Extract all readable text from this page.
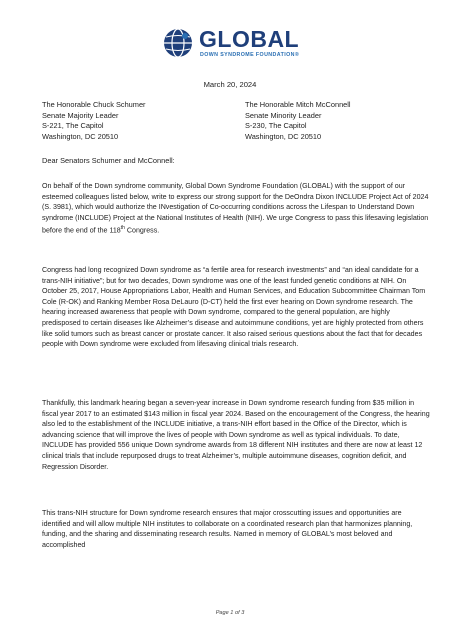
GLOBAL
DOWN SYNDROME FOUNDATION®
March 20, 2024
The Honorable Chuck Schumer
Senate Majority Leader
S-221, The Capitol
Washington, DC 20510
The Honorable Mitch McConnell
Senate Minority Leader
S-230, The Capitol
Washington, DC 20510
Dear Senators Schumer and McConnell:

On behalf of the Down syndrome community, Global Down Syndrome Foundation (GLOBAL) with the support of our esteemed colleagues listed below, write to express our strong support for the DeOndra Dixon INCLUDE Project Act of 2024 (S. 3981), which would authorize the INvestigation of Co-occurring conditions across the Lifespan to Understand Down syndrome (INCLUDE) Project at the National Institutes of Health (NIH). We urge Congress to pass this lifesaving legislation before the end of the 118th Congress.

Congress had long recognized Down syndrome as “a fertile area for research investments” and “an ideal candidate for a trans-NIH initiative”; but for two decades, Down syndrome was one of the least funded genetic conditions at NIH. On October 25, 2017, House Appropriations Labor, Health and Human Services, and Education Subcommittee Chairman Tom Cole (R-OK) and Ranking Member Rosa DeLauro (D-CT) held the first ever hearing on Down syndrome research. The hearing increased awareness that people with Down syndrome, compared to the general population, are highly predisposed to certain diseases like Alzheimer’s disease and autoimmune conditions, yet are highly protected from others like solid tumors such as breast cancer or prostate cancer. It also raised serious questions about the fact that for decades people with Down syndrome were excluded from lifesaving clinical trials research.

Thankfully, this landmark hearing began a seven-year increase in Down syndrome research funding from $35 million in fiscal year 2017 to an estimated $143 million in fiscal year 2024. Based on the encouragement of the Congress, the hearing also led to the establishment of the INCLUDE initiative, a trans-NIH effort based in the Office of the Director, which is advancing science that will improve the lives of people with Down syndrome as well as typical individuals. To date, INCLUDE has provided 556 unique Down syndrome awards from 18 different NIH institutes and there are now at least 12 clinical trials that include repurposed drugs to treat Alzheimer’s, multiple autoimmune diseases, cognition deficit, and Regression Disorder.

This trans-NIH structure for Down syndrome research ensures that major crosscutting issues and opportunities are identified and will allow multiple NIH institutes to collaborate on a coordinated research plan that harmonizes planning, funding, and the sharing and disseminating research results. Named in memory of GLOBAL’s most beloved and accomplished

Page 1 of 3
